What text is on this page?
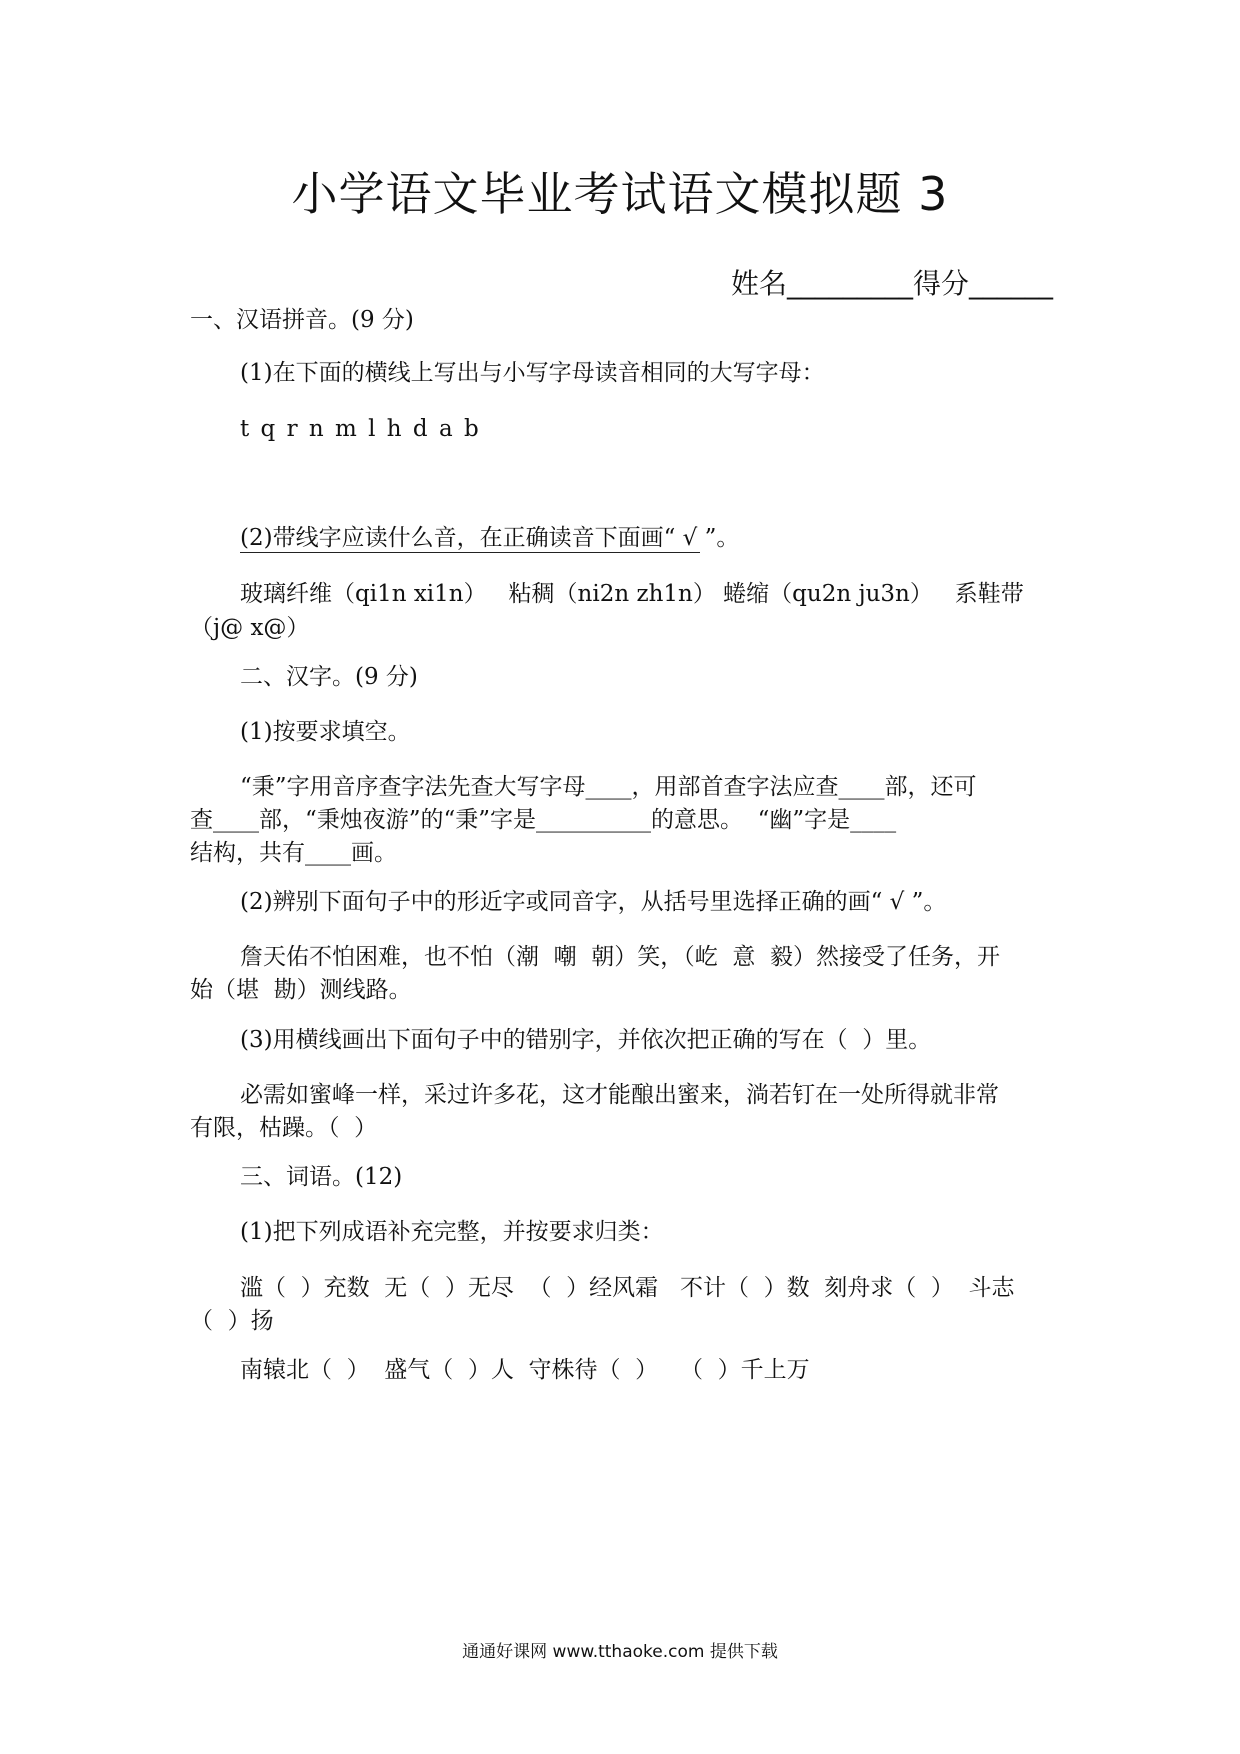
小学语文毕业考试语文模拟题 3
姓名_________得分______
一、汉语拼音。(9 分)
(1)在下面的横线上写出与小写字母读音相同的大写字母：
t q r n m l h d a b
(2)带线字应读什么音，在正确读音下面画“ √ ”。
玻璃纤维（qi1n xi1n）   粘稠（ni2n zh1n） 蜷缩（qu2n ju3n）   系鞋带
（j@ x@）
二、汉字。(9 分)
(1)按要求填空。
“秉”字用音序查字法先查大写字母____，用部首查字法应查____部，还可
查____部，“秉烛夜游”的“秉”字是__________的意思。  “幽”字是____
结构，共有____画。
(2)辨别下面句子中的形近字或同音字，从括号里选择正确的画“ √ ”。
詹天佑不怕困难，也不怕（潮  嘲  朝）笑，（屹  意  毅）然接受了任务，开
始（堪  勘）测线路。
(3)用横线画出下面句子中的错别字，并依次把正确的写在（  ）里。
必需如蜜峰一样，采过许多花，这才能酿出蜜来，淌若钉在一处所得就非常
有限，枯躁。（  ）
三、词语。(12)
(1)把下列成语补充完整，并按要求归类：
滥（  ）充数  无（  ）无尽  （  ）经风霜   不计（  ）数  刻舟求（  ）  斗志
（  ）扬
南辕北（  ）  盛气（  ）人  守株待（  ）   （  ）千上万
通通好课网 www.tthaoke.com 提供下载
